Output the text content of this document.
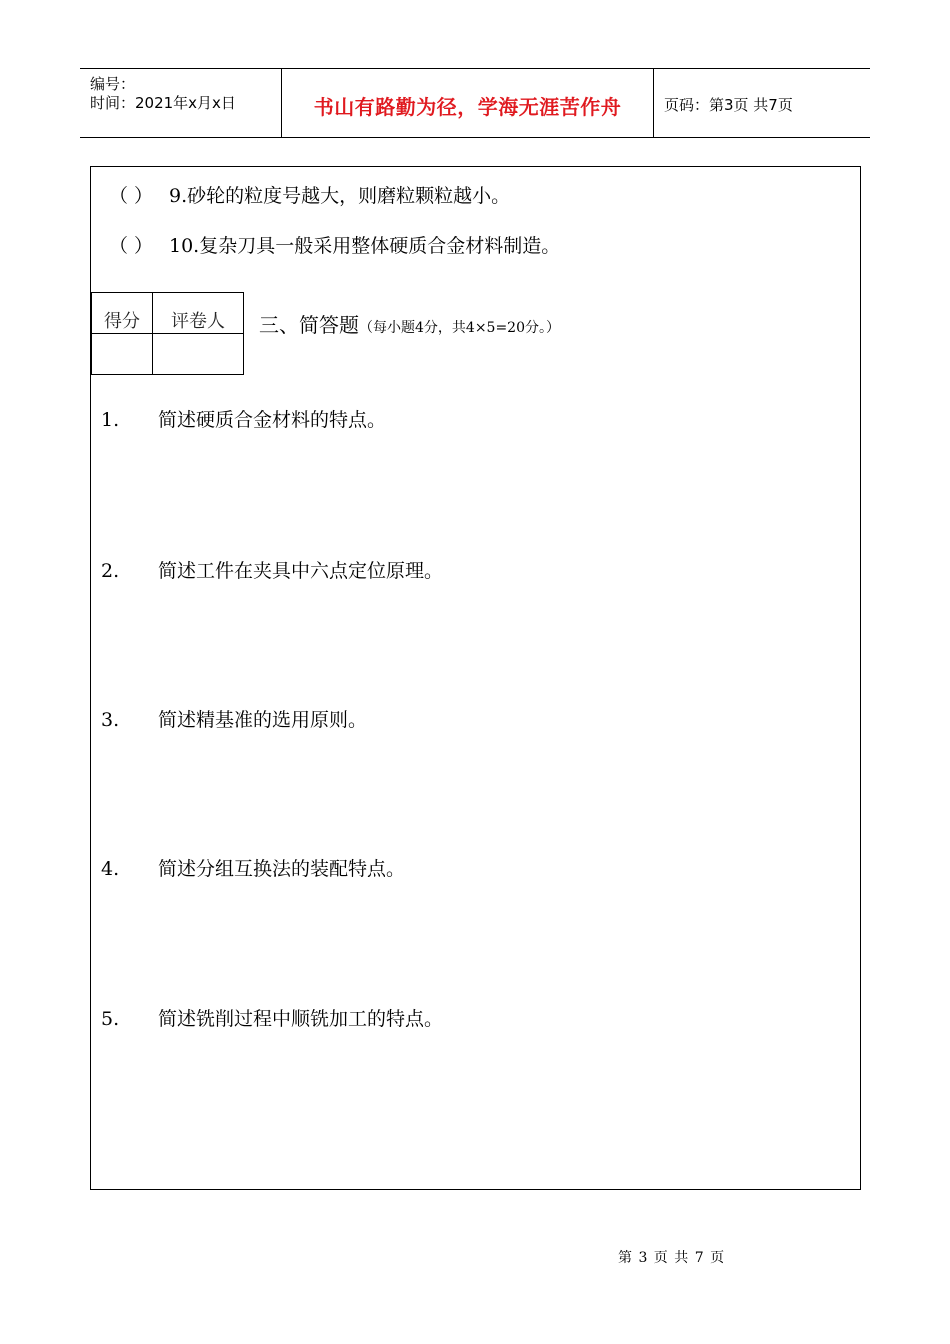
编号：
时间：2021年x月x日	书山有路勤为径，学海无涯苦作舟	页码：第3页 共7页
（ ） 9.砂轮的粒度号越大，则磨粒颗粒越小。
（ ） 10.复杂刀具一般采用整体硬质合金材料制造。
得分	评卷人
	三、简答题（每小题4分，共4×5=20分。）
1. 简述硬质合金材料的特点。
2. 简述工件在夹具中六点定位原理。
3. 简述精基准的选用原则。
4. 简述分组互换法的装配特点。
5. 简述铣削过程中顺铣加工的特点。
第 3 页 共 7 页
